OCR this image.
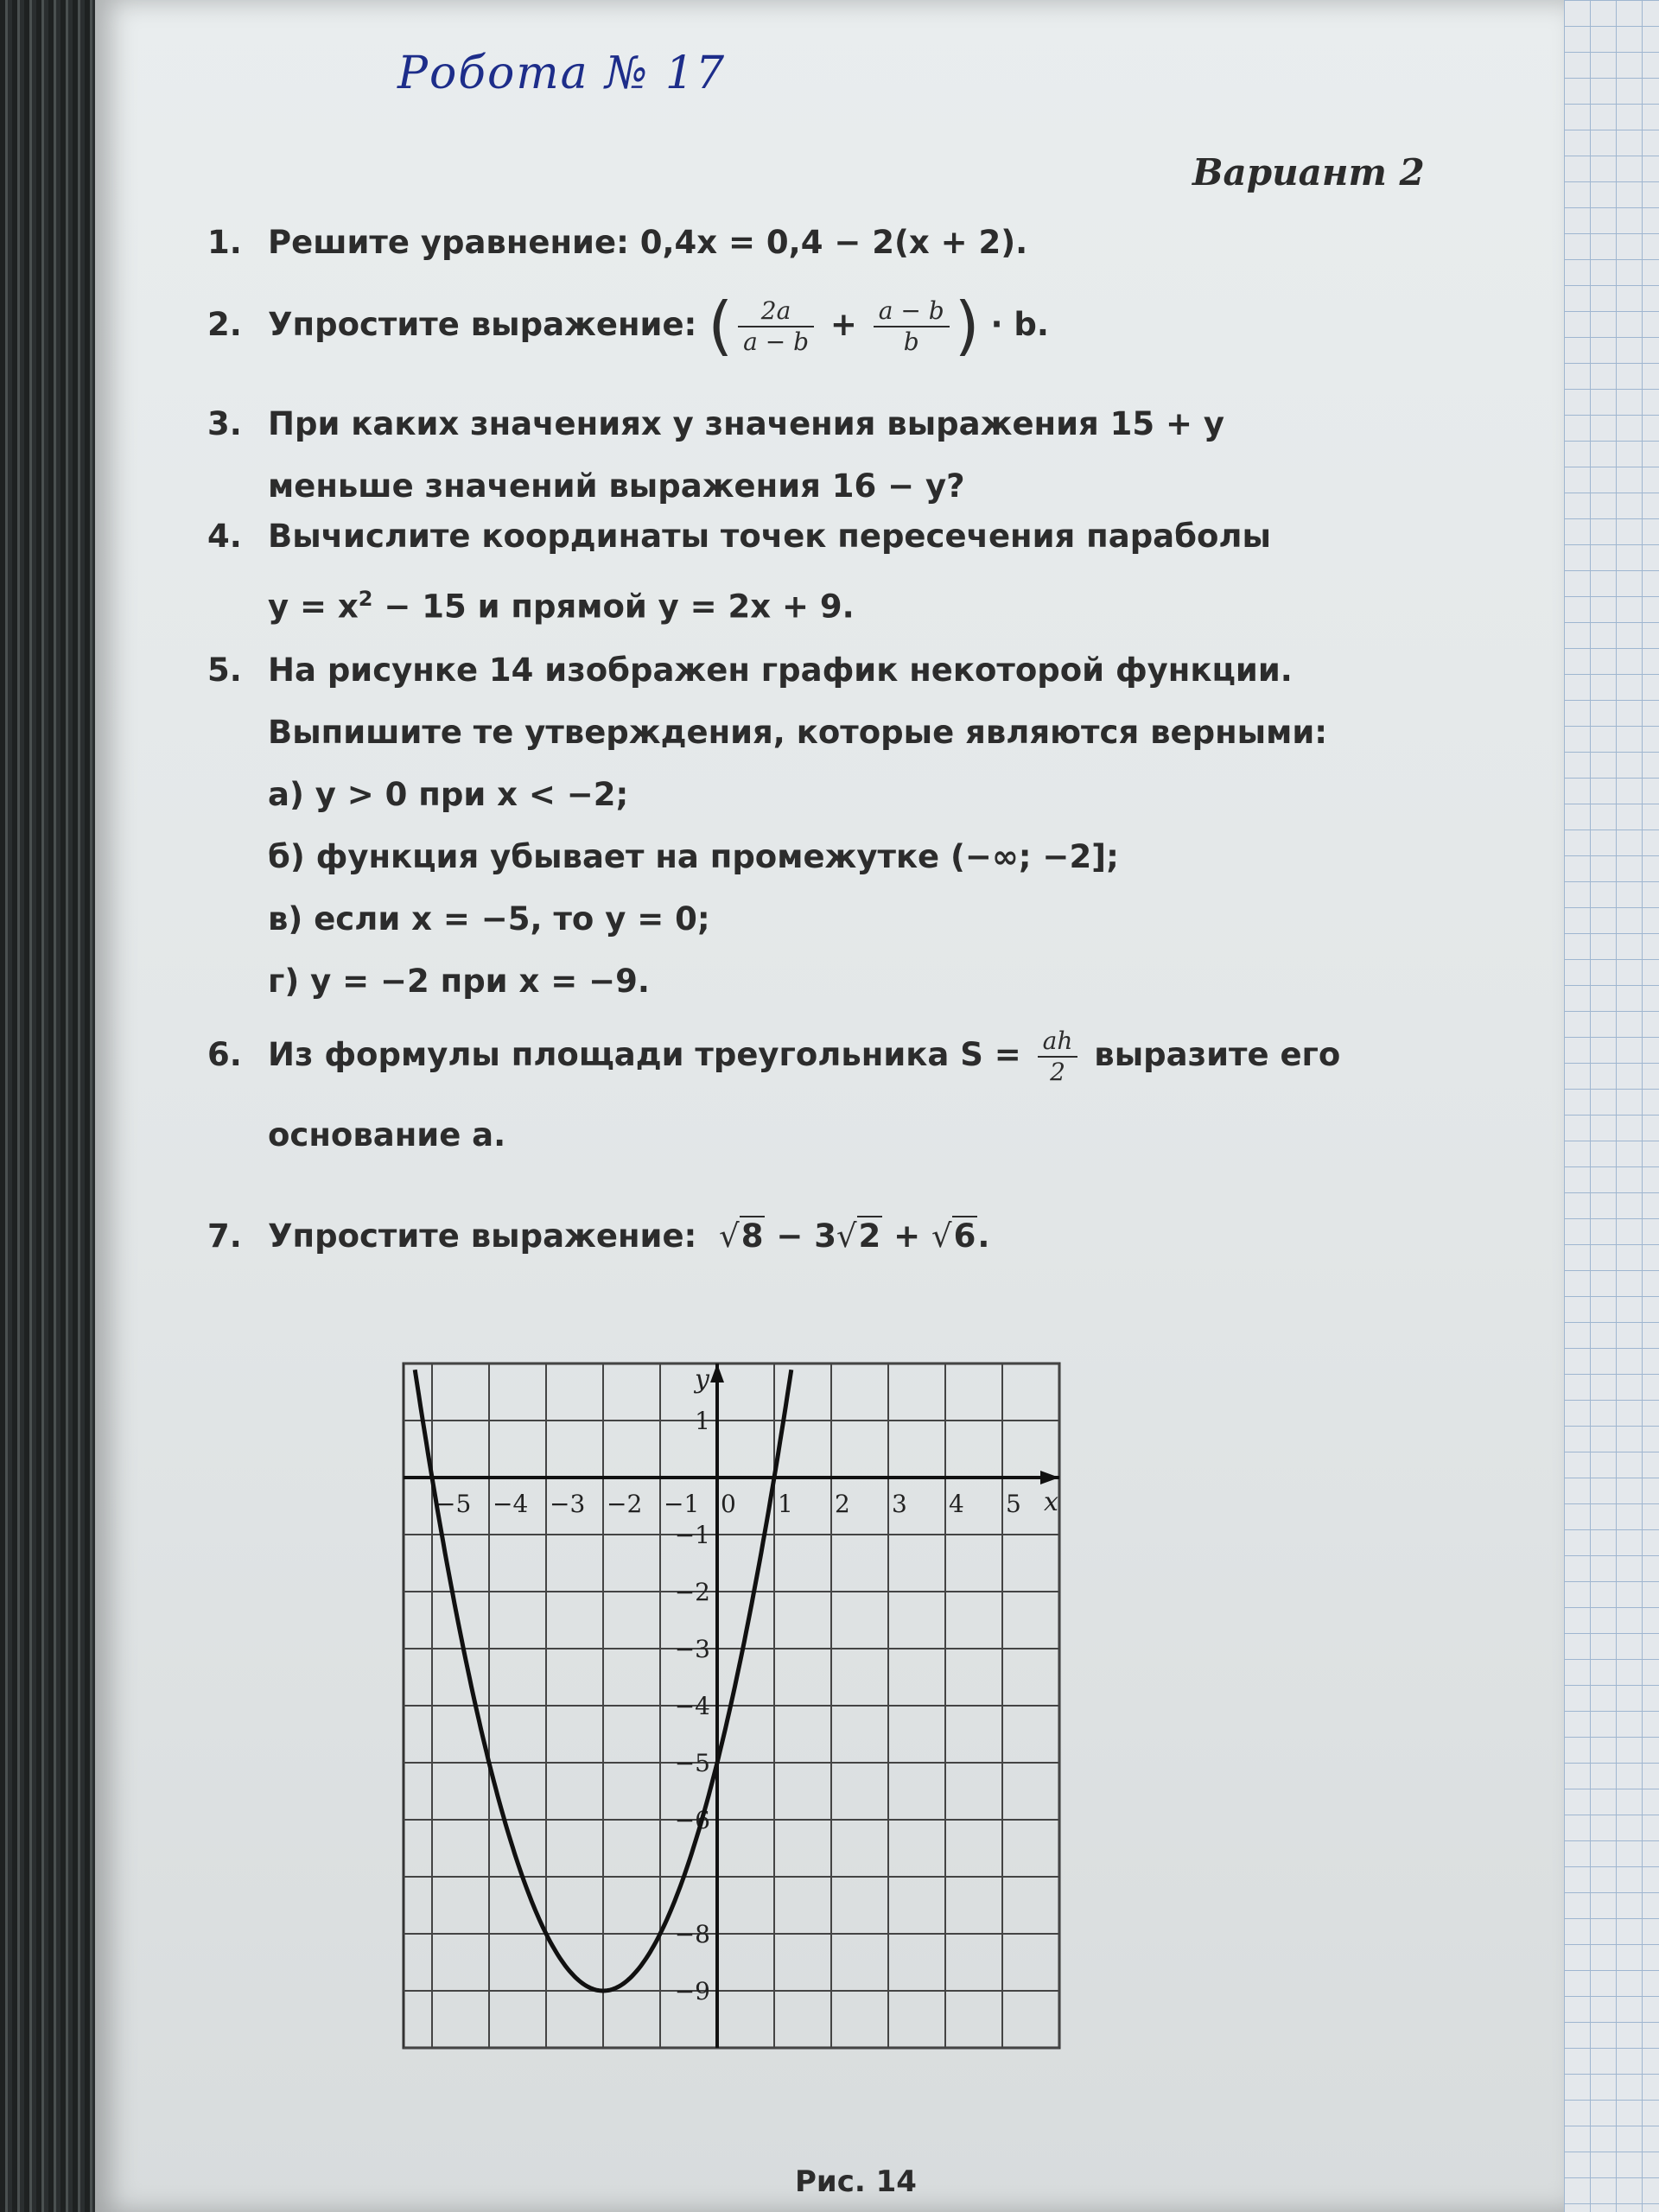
Робота № 17
Вариант 2
1. Решите уравнение: 0,4x = 0,4 − 2(x + 2).
2. Упростите выражение: ( $\frac{2a}{a - b} + \frac{a - b}{b}$ ) · b.
3. При каких значениях y значения выражения 15 + y
меньше значений выражения 16 − y?
4. Вычислите координаты точек пересечения параболы
$y = x^2 - 15$ и прямой y = 2x + 9.
5. На рисунке 14 изображен график некоторой функции.
Выпишите те утверждения, которые являются верными:
а) y > 0 при x < −2;
б) функция убывает на промежутке (−∞; −2];
в) если x = −5, то y = 0;
г) y = −2 при x = −9.
6. Из формулы площади треугольника $S = \frac{ah}{2}$ выразите его
основание a.
7. Упростите выражение: √8 − 3√2 + √6.
x
y
−5 −4 −3 −2 −1 0 1 2 3 4 5
1
−1
−2
−3
−4
−5
−6
−8
−9
Рис. 14
